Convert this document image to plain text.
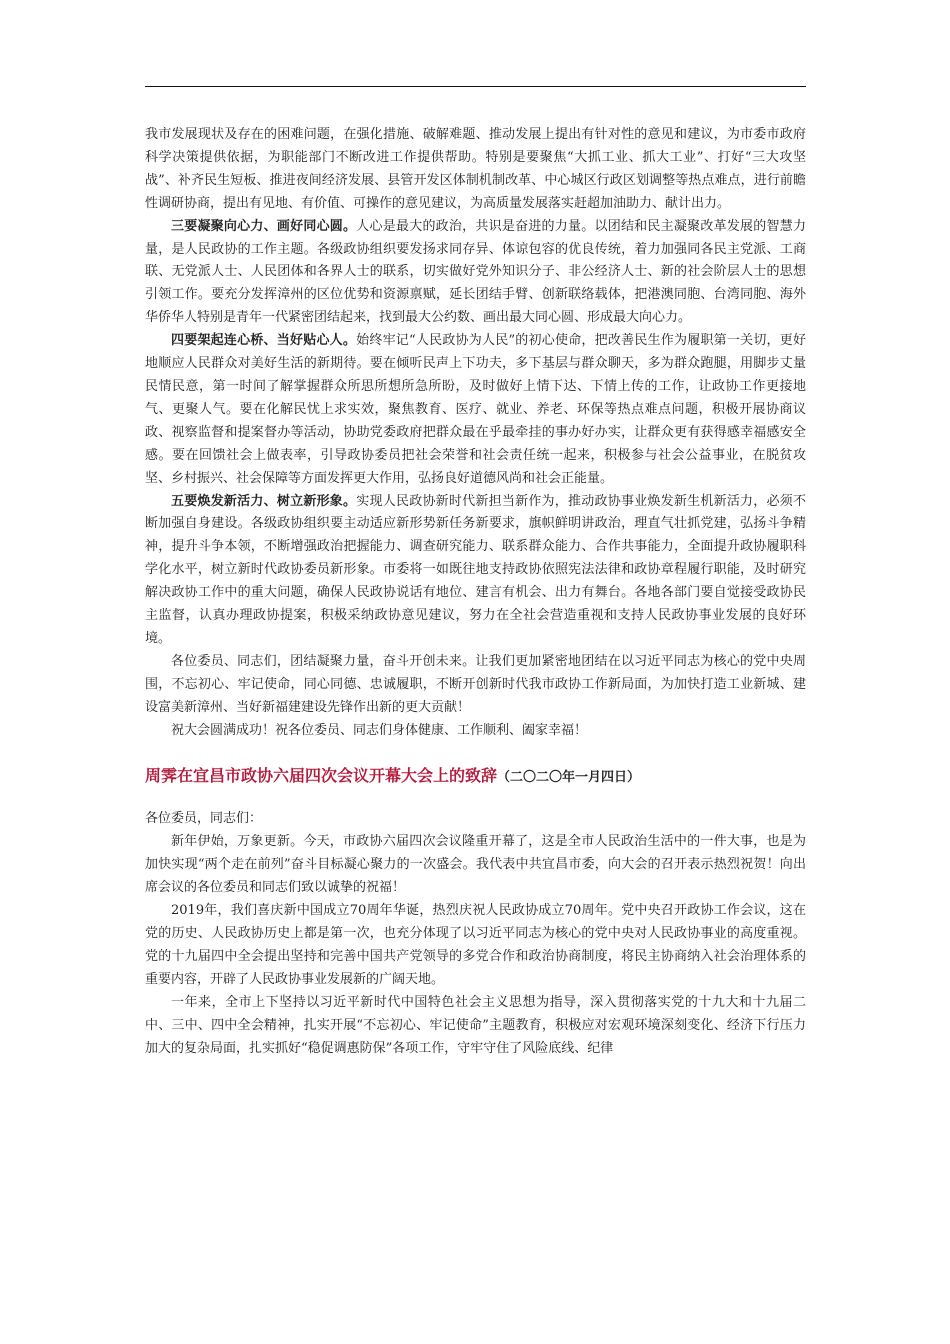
我市发展现状及存在的困难问题，在强化措施、破解难题、推动发展上提出有针对性的意见和建议，为市委市政府科学决策提供依据，为职能部门不断改进工作提供帮助。特别是要聚焦“大抓工业、抓大工业”、打好“三大攻坚战”、补齐民生短板、推进夜间经济发展、县管开发区体制机制改革、中心城区行政区划调整等热点难点，进行前瞻性调研协商，提出有见地、有价值、可操作的意见建议，为高质量发展落实赶超加油助力、献计出力。

三要凝聚向心力、画好同心圆。人心是最大的政治，共识是奋进的力量。以团结和民主凝聚改革发展的智慧力量，是人民政协的工作主题。各级政协组织要发扬求同存异、体谅包容的优良传统，着力加强同各民主党派、工商联、无党派人士、人民团体和各界人士的联系，切实做好党外知识分子、非公经济人士、新的社会阶层人士的思想引领工作。要充分发挥漳州的区位优势和资源禀赋，延长团结手臂、创新联络载体，把港澳同胞、台湾同胞、海外华侨华人特别是青年一代紧密团结起来，找到最大公约数、画出最大同心圆、形成最大向心力。

四要架起连心桥、当好贴心人。始终牢记“人民政协为人民”的初心使命，把改善民生作为履职第一关切，更好地顺应人民群众对美好生活的新期待。要在倾听民声上下功夫，多下基层与群众聊天，多为群众跑腿，用脚步丈量民情民意，第一时间了解掌握群众所思所想所急所盼，及时做好上情下达、下情上传的工作，让政协工作更接地气、更聚人气。要在化解民忧上求实效，聚焦教育、医疗、就业、养老、环保等热点难点问题，积极开展协商议政、视察监督和提案督办等活动，协助党委政府把群众最在乎最牵挂的事办好办实，让群众更有获得感幸福感安全感。要在回馈社会上做表率，引导政协委员把社会荣誉和社会责任统一起来，积极参与社会公益事业，在脱贫攻坚、乡村振兴、社会保障等方面发挥更大作用，弘扬良好道德风尚和社会正能量。

五要焕发新活力、树立新形象。实现人民政协新时代新担当新作为，推动政协事业焕发新生机新活力，必须不断加强自身建设。各级政协组织要主动适应新形势新任务新要求，旗帜鲜明讲政治，理直气壮抓党建，弘扬斗争精神，提升斗争本领，不断增强政治把握能力、调查研究能力、联系群众能力、合作共事能力，全面提升政协履职科学化水平，树立新时代政协委员新形象。市委将一如既往地支持政协依照宪法法律和政协章程履行职能，及时研究解决政协工作中的重大问题，确保人民政协说话有地位、建言有机会、出力有舞台。各地各部门要自觉接受政协民主监督，认真办理政协提案，积极采纳政协意见建议，努力在全社会营造重视和支持人民政协事业发展的良好环境。

各位委员、同志们，团结凝聚力量，奋斗开创未来。让我们更加紧密地团结在以习近平同志为核心的党中央周围，不忘初心、牢记使命，同心同德、忠诚履职，不断开创新时代我市政协工作新局面，为加快打造工业新城、建设富美新漳州、当好新福建建设先锋作出新的更大贡献！

祝大会圆满成功！祝各位委员、同志们身体健康、工作顺利、阖家幸福！

周霁在宜昌市政协六届四次会议开幕大会上的致辞（二〇二〇年一月四日）

各位委员，同志们：

新年伊始，万象更新。今天，市政协六届四次会议隆重开幕了，这是全市人民政治生活中的一件大事，也是为加快实现“两个走在前列”奋斗目标凝心聚力的一次盛会。我代表中共宜昌市委，向大会的召开表示热烈祝贺！向出席会议的各位委员和同志们致以诚挚的祝福！

2019年，我们喜庆新中国成立70周年华诞，热烈庆祝人民政协成立70周年。党中央召开政协工作会议，这在党的历史、人民政协历史上都是第一次，也充分体现了以习近平同志为核心的党中央对人民政协事业的高度重视。党的十九届四中全会提出坚持和完善中国共产党领导的多党合作和政治协商制度，将民主协商纳入社会治理体系的重要内容，开辟了人民政协事业发展新的广阔天地。

一年来，全市上下坚持以习近平新时代中国特色社会主义思想为指导，深入贯彻落实党的十九大和十九届二中、三中、四中全会精神，扎实开展“不忘初心、牢记使命”主题教育，积极应对宏观环境深刻变化、经济下行压力加大的复杂局面，扎实抓好“稳促调惠防保”各项工作，守牢守住了风险底线、纪律
